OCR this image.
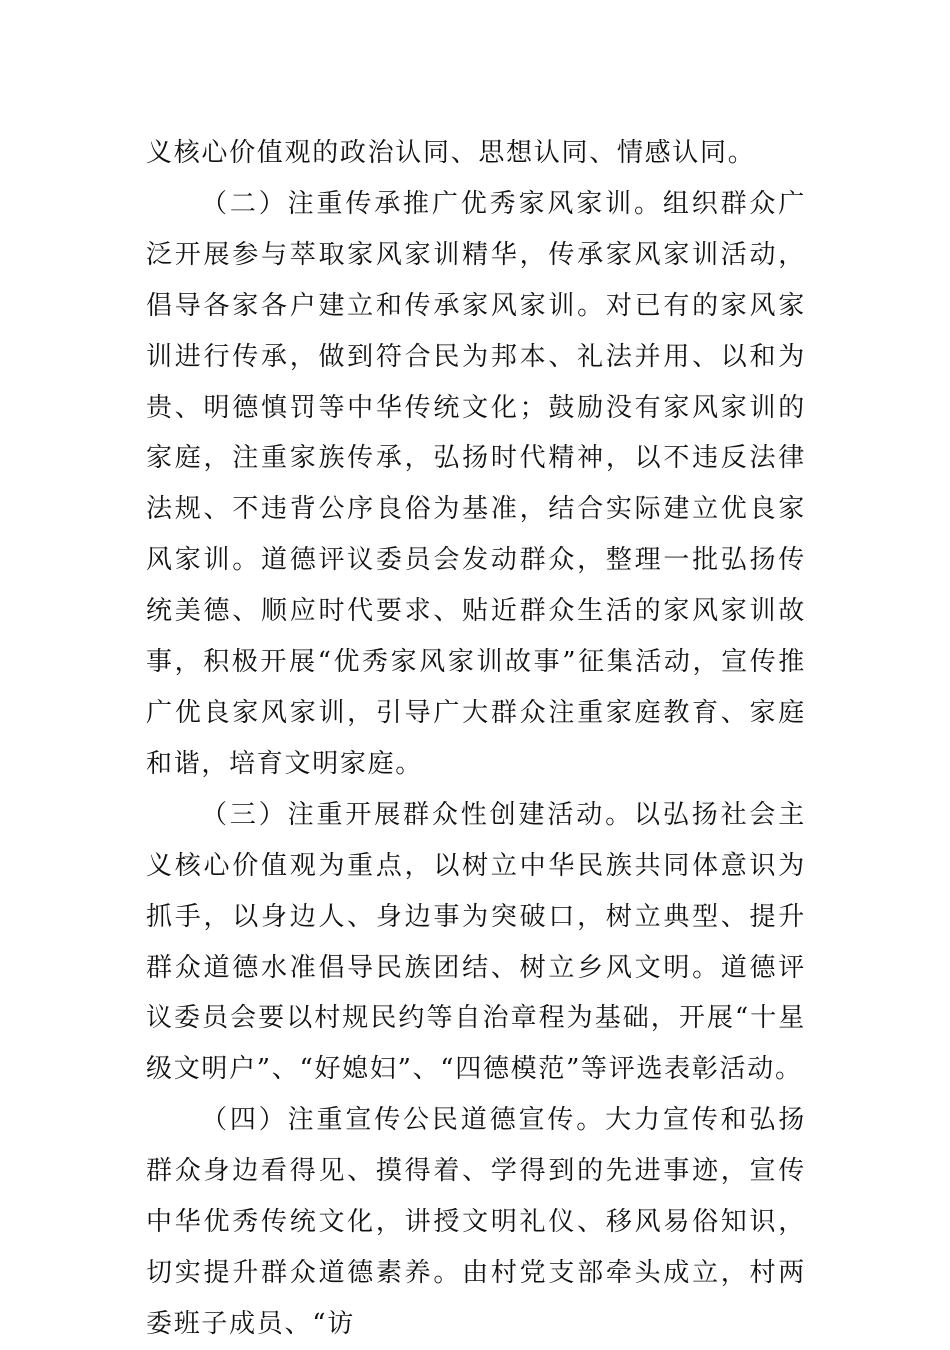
义核心价值观的政治认同、思想认同、情感认同。

（二）注重传承推广优秀家风家训。组织群众广泛开展参与萃取家风家训精华，传承家风家训活动，倡导各家各户建立和传承家风家训。对已有的家风家训进行传承，做到符合民为邦本、礼法并用、以和为贵、明德慎罚等中华传统文化；鼓励没有家风家训的家庭，注重家族传承，弘扬时代精神，以不违反法律法规、不违背公序良俗为基准，结合实际建立优良家风家训。道德评议委员会发动群众，整理一批弘扬传统美德、顺应时代要求、贴近群众生活的家风家训故事，积极开展“优秀家风家训故事”征集活动，宣传推广优良家风家训，引导广大群众注重家庭教育、家庭和谐，培育文明家庭。

（三）注重开展群众性创建活动。以弘扬社会主义核心价值观为重点，以树立中华民族共同体意识为抓手，以身边人、身边事为突破口，树立典型、提升群众道德水准倡导民族团结、树立乡风文明。道德评议委员会要以村规民约等自治章程为基础，开展“十星级文明户”、“好媳妇”、“四德模范”等评选表彰活动。

（四）注重宣传公民道德宣传。大力宣传和弘扬群众身边看得见、摸得着、学得到的先进事迹，宣传中华优秀传统文化，讲授文明礼仪、移风易俗知识，切实提升群众道德素养。由村党支部牵头成立，村两委班子成员、“访
